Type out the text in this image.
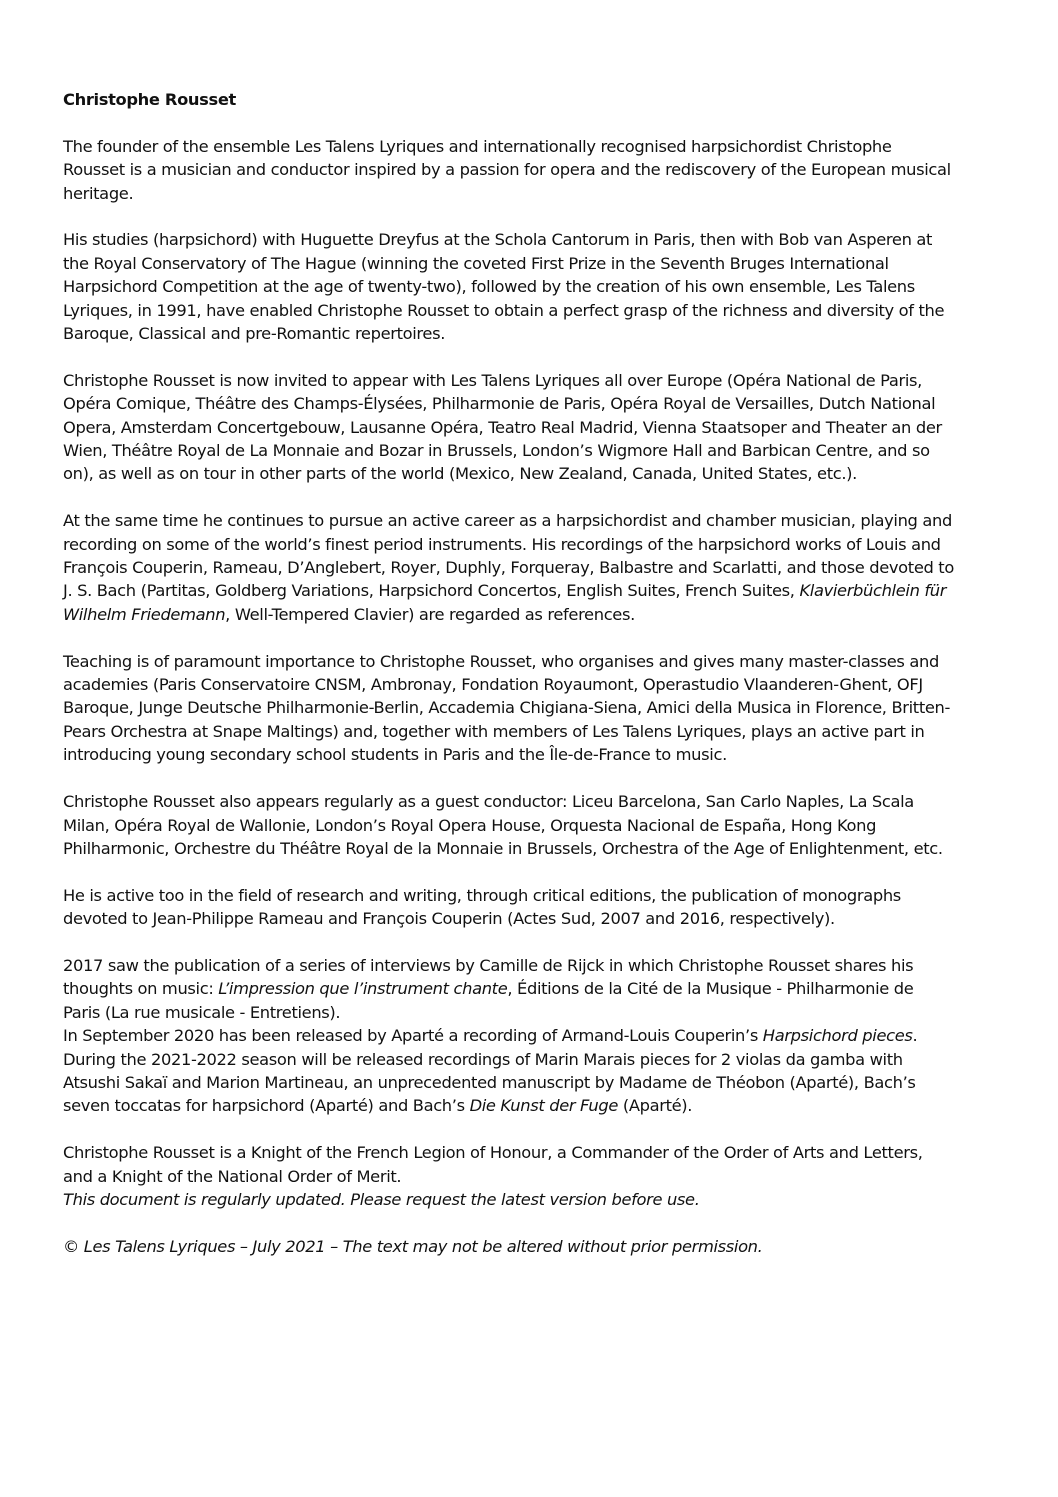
Christophe Rousset
The founder of the ensemble Les Talens Lyriques and internationally recognised harpsichordist Christophe
Rousset is a musician and conductor inspired by a passion for opera and the rediscovery of the European musical
heritage.
His studies (harpsichord) with Huguette Dreyfus at the Schola Cantorum in Paris, then with Bob van Asperen at
the Royal Conservatory of The Hague (winning the coveted First Prize in the Seventh Bruges International
Harpsichord Competition at the age of twenty-two), followed by the creation of his own ensemble, Les Talens
Lyriques, in 1991, have enabled Christophe Rousset to obtain a perfect grasp of the richness and diversity of the
Baroque, Classical and pre-Romantic repertoires.
Christophe Rousset is now invited to appear with Les Talens Lyriques all over Europe (Opéra National de Paris,
Opéra Comique, Théâtre des Champs-Élysées, Philharmonie de Paris, Opéra Royal de Versailles, Dutch National
Opera, Amsterdam Concertgebouw, Lausanne Opéra, Teatro Real Madrid, Vienna Staatsoper and Theater an der
Wien, Théâtre Royal de La Monnaie and Bozar in Brussels, London’s Wigmore Hall and Barbican Centre, and so
on), as well as on tour in other parts of the world (Mexico, New Zealand, Canada, United States, etc.).
At the same time he continues to pursue an active career as a harpsichordist and chamber musician, playing and
recording on some of the world’s finest period instruments. His recordings of the harpsichord works of Louis and
François Couperin, Rameau, D’Anglebert, Royer, Duphly, Forqueray, Balbastre and Scarlatti, and those devoted to
J. S. Bach (Partitas, Goldberg Variations, Harpsichord Concertos, English Suites, French Suites, Klavierbüchlein für
Wilhelm Friedemann, Well-Tempered Clavier) are regarded as references.
Teaching is of paramount importance to Christophe Rousset, who organises and gives many master-classes and
academies (Paris Conservatoire CNSM, Ambronay, Fondation Royaumont, Operastudio Vlaanderen-Ghent, OFJ
Baroque, Junge Deutsche Philharmonie-Berlin, Accademia Chigiana-Siena, Amici della Musica in Florence, Britten-
Pears Orchestra at Snape Maltings) and, together with members of Les Talens Lyriques, plays an active part in
introducing young secondary school students in Paris and the Île-de-France to music.
Christophe Rousset also appears regularly as a guest conductor: Liceu Barcelona, San Carlo Naples, La Scala
Milan, Opéra Royal de Wallonie, London’s Royal Opera House, Orquesta Nacional de España, Hong Kong
Philharmonic, Orchestre du Théâtre Royal de la Monnaie in Brussels, Orchestra of the Age of Enlightenment, etc.
He is active too in the field of research and writing, through critical editions, the publication of monographs
devoted to Jean-Philippe Rameau and François Couperin (Actes Sud, 2007 and 2016, respectively).
2017 saw the publication of a series of interviews by Camille de Rijck in which Christophe Rousset shares his
thoughts on music: L’impression que l’instrument chante, Éditions de la Cité de la Musique - Philharmonie de
Paris (La rue musicale - Entretiens).
In September 2020 has been released by Aparté a recording of Armand-Louis Couperin’s Harpsichord pieces.
During the 2021-2022 season will be released recordings of Marin Marais pieces for 2 violas da gamba with
Atsushi Sakaï and Marion Martineau, an unprecedented manuscript by Madame de Théobon (Aparté), Bach’s
seven toccatas for harpsichord (Aparté) and Bach’s Die Kunst der Fuge (Aparté).
Christophe Rousset is a Knight of the French Legion of Honour, a Commander of the Order of Arts and Letters,
and a Knight of the National Order of Merit.
This document is regularly updated. Please request the latest version before use.
© Les Talens Lyriques – July 2021 – The text may not be altered without prior permission.
